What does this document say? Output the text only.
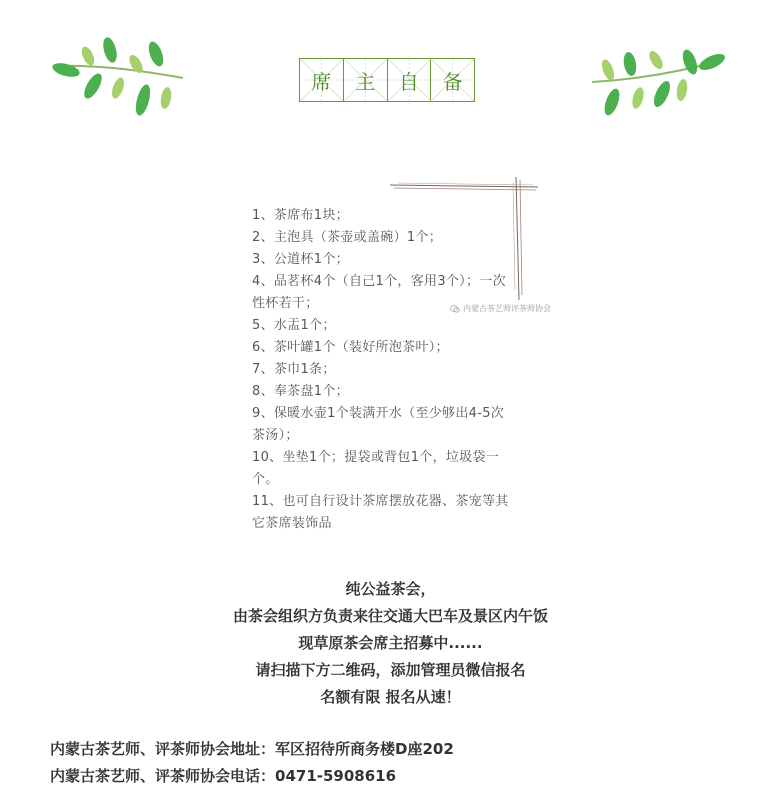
席 主 自 备
内蒙古茶艺师评茶师协会
1、茶席布1块；
2、主泡具（茶壶或盖碗）1个；
3、公道杯1个；
4、品茗杯4个（自己1个，客用3个）；一次性杯若干；
5、水盂1个；
6、茶叶罐1个（装好所泡茶叶）；
7、茶巾1条；
8、奉茶盘1个；
9、保暖水壶1个装满开水（至少够出4-5次茶汤）；
10、坐垫1个；提袋或背包1个，垃圾袋一个。
11、也可自行设计茶席摆放花器、茶宠等其它茶席装饰品
纯公益茶会，
由茶会组织方负责来往交通大巴车及景区内午饭
现草原茶会席主招募中......
请扫描下方二维码，添加管理员微信报名
名额有限 报名从速！
内蒙古茶艺师、评茶师协会地址：军区招待所商务楼D座202
内蒙古茶艺师、评茶师协会电话：0471-5908616
